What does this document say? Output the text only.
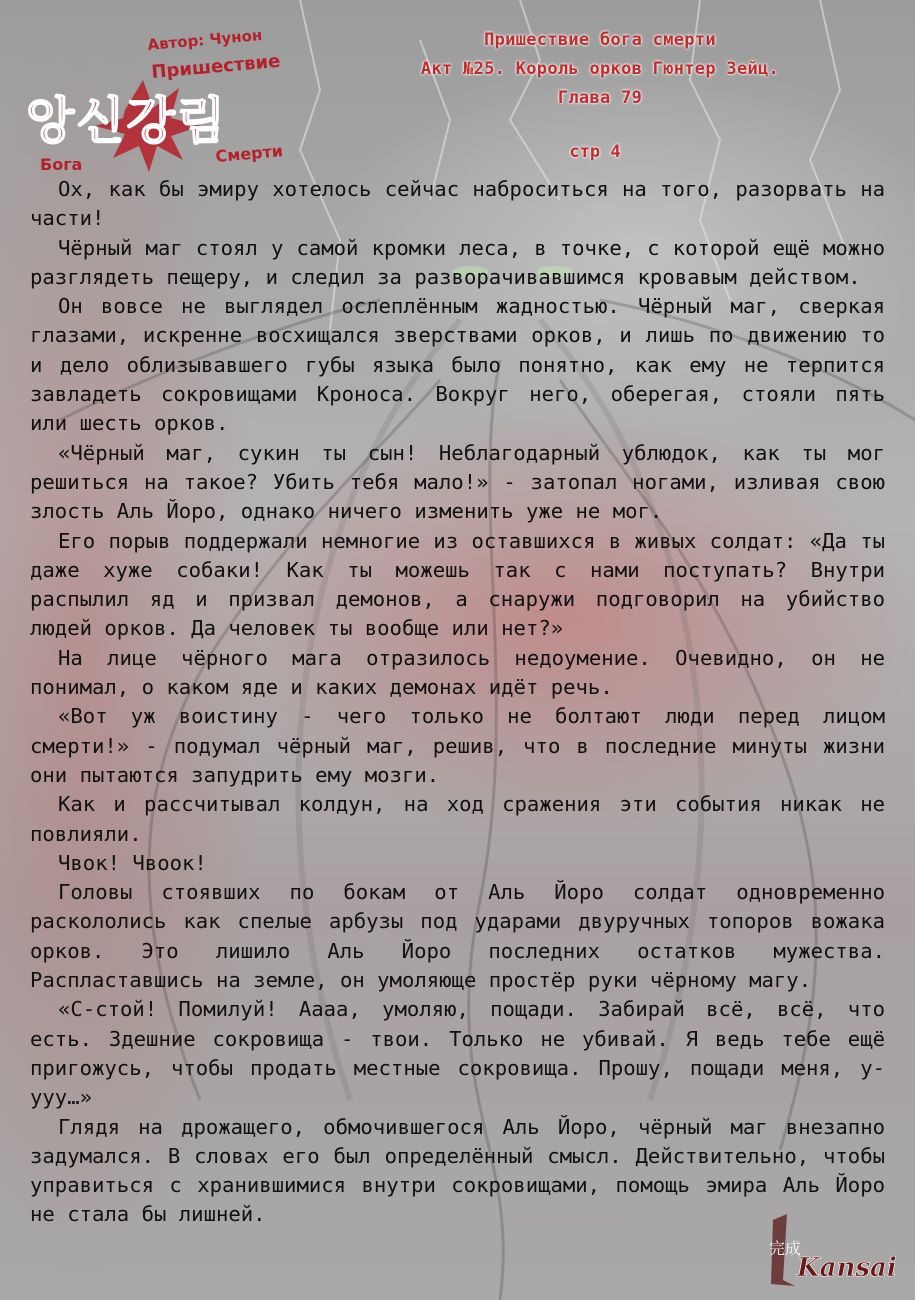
Автор: Чунон
Пришествие
앙신강림
Бога	Смерти
Пришествие бога смерти
Акт №25. Король орков Гюнтер Зейц.
Глава 79
стр 4

Ох, как бы эмиру хотелось сейчас наброситься на того, разорвать на части!

Чёрный маг стоял у самой кромки леса, в точке, с которой ещё можно разглядеть пещеру, и следил за разворачивавшимся кровавым действом.

Он вовсе не выглядел ослеплённым жадностью. Чёрный маг, сверкая глазами, искренне восхищался зверствами орков, и лишь по движению то и дело облизывавшего губы языка было понятно, как ему не терпится завладеть сокровищами Кроноса. Вокруг него, оберегая, стояли пять или шесть орков.

«Чёрный маг, сукин ты сын! Неблагодарный ублюдок, как ты мог решиться на такое? Убить тебя мало!» - затопал ногами, изливая свою злость Аль Йоро, однако ничего изменить уже не мог.

Его порыв поддержали немногие из оставшихся в живых солдат: «Да ты даже хуже собаки! Как ты можешь так с нами поступать? Внутри распылил яд и призвал демонов, а снаружи подговорил на убийство людей орков. Да человек ты вообще или нет?»

На лице чёрного мага отразилось недоумение. Очевидно, он не понимал, о каком яде и каких демонах идёт речь.

«Вот уж воистину - чего только не болтают люди перед лицом смерти!» - подумал чёрный маг, решив, что в последние минуты жизни они пытаются запудрить ему мозги.

Как и рассчитывал колдун, на ход сражения эти события никак не повлияли.

Чвок! Чвоок!

Головы стоявших по бокам от Аль Йоро солдат одновременно раскололись как спелые арбузы под ударами двуручных топоров вожака орков. Это лишило Аль Йоро последних остатков мужества. Распластавшись на земле, он умоляюще простёр руки чёрному магу.

«С-стой! Помилуй! Аааа, умоляю, пощади. Забирай всё, всё, что есть. Здешние сокровища - твои. Только не убивай. Я ведь тебе ещё пригожусь, чтобы продать местные сокровища. Прошу, пощади меня, у-ууу…»

Глядя на дрожащего, обмочившегося Аль Йоро, чёрный маг внезапно задумался. В словах его был определённый смысл. Действительно, чтобы управиться с хранившимися внутри сокровищами, помощь эмира Аль Йоро не стала бы лишней.

完成
Kansai
